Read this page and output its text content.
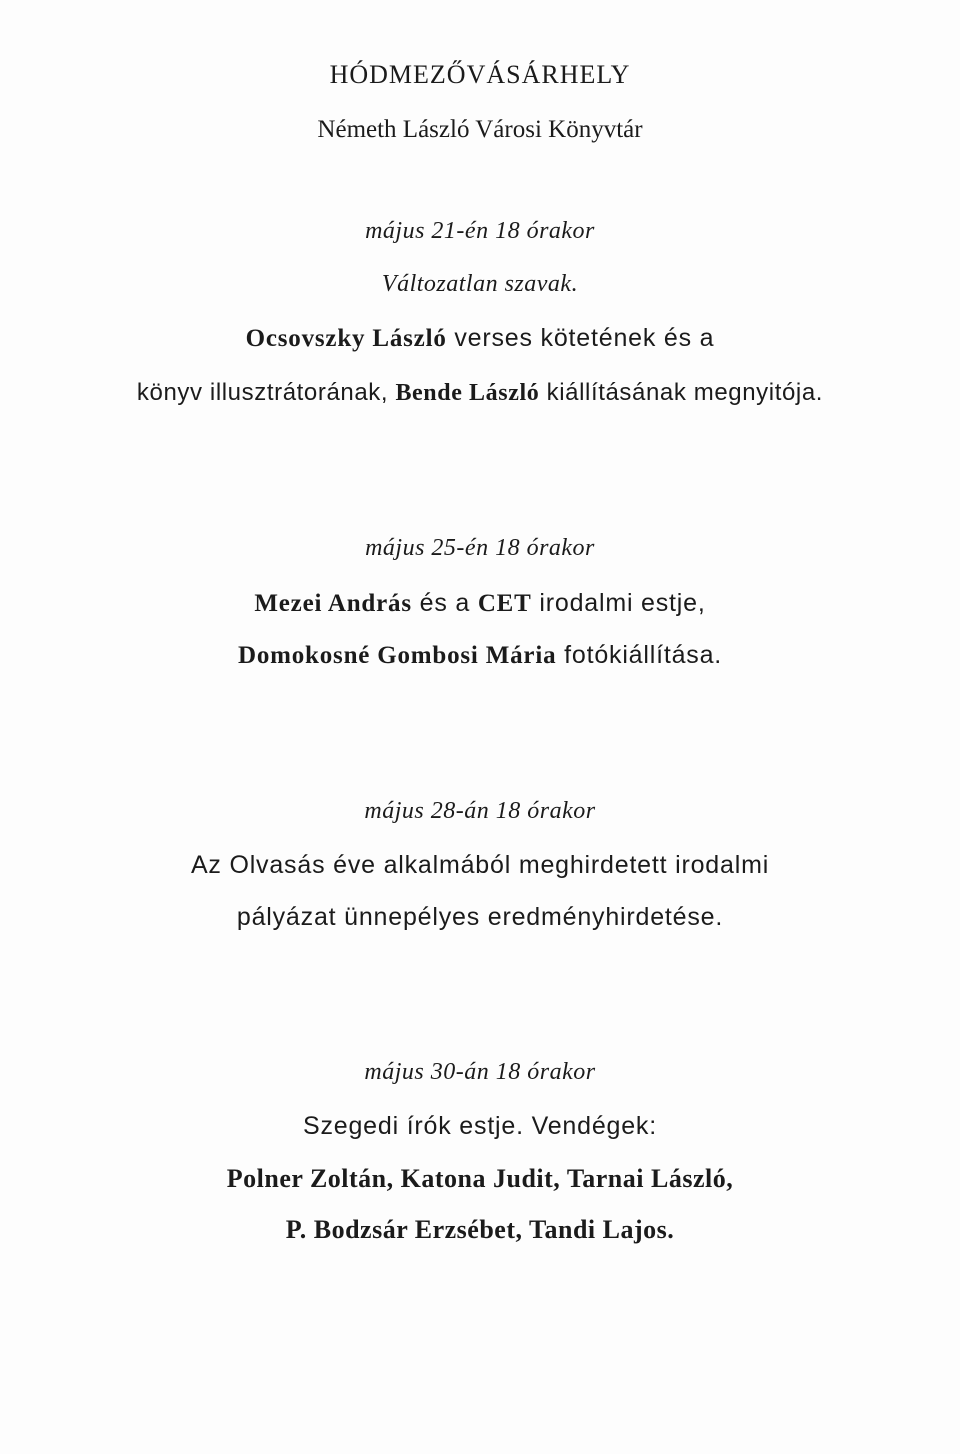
HÓDMEZŐVÁSÁRHELY
Németh László Városi Könyvtár
május 21-én 18 órakor
Változatlan szavak.
Ocsovszky László verses kötetének és a
könyv illusztrátorának, Bende László kiállításának megnyitója.
május 25-én 18 órakor
Mezei András és a CET irodalmi estje,
Domokosné Gombosi Mária fotókiállítása.
május 28-án 18 órakor
Az Olvasás éve alkalmából meghirdetett irodalmi
pályázat ünnepélyes eredményhirdetése.
május 30-án 18 órakor
Szegedi írók estje. Vendégek:
Polner Zoltán, Katona Judit, Tarnai László,
P. Bodzsár Erzsébet, Tandi Lajos.
